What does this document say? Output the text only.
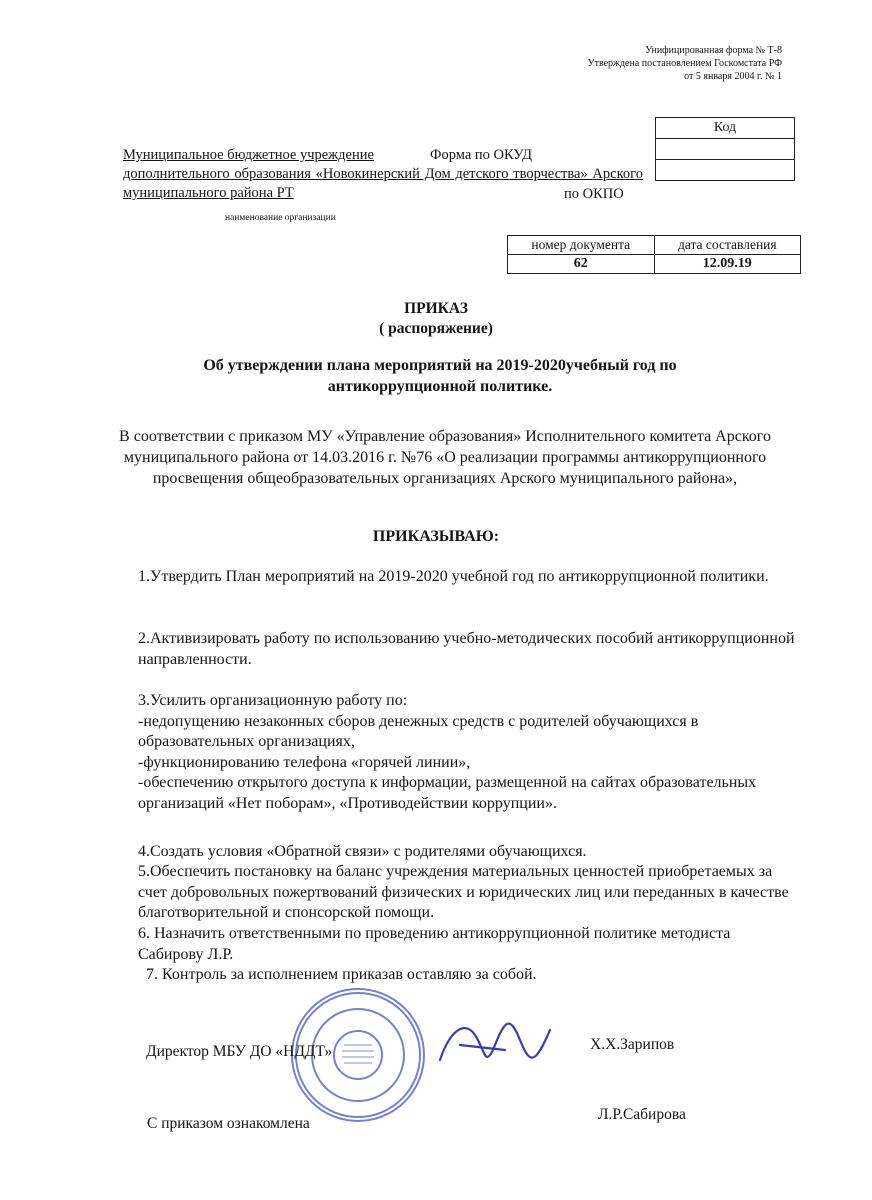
Унифицированная форма № Т-8
Утверждена постановлением Госкомстата РФ
от 5 января 2004 г. № 1
Код

Муниципальное бюджетное учреждение
дополнительного образования «Новокинерский Дом детского творчества» Арского муниципального района РТ
Форма по ОКУД
по ОКПО
наименование организации
номер документа	дата составления
62	12.09.19
ПРИКАЗ
( распоряжение)
Об утверждении плана мероприятий на 2019-2020учебный год по
антикоррупционной политике.
В соответствии с приказом МУ «Управление образования» Исполнительного комитета Арского муниципального района от 14.03.2016 г. №76 «О реализации программы антикоррупционного просвещения общеобразовательных организациях Арского муниципального района»,
ПРИКАЗЫВАЮ:
1.Утвердить План мероприятий на 2019-2020 учебной год по антикоррупционной политики.
2.Активизировать работу по использованию учебно-методических пособий антикоррупционной направленности.
3.Усилить организационную работу по:
-недопущению незаконных сборов денежных средств с родителей обучающихся в образовательных организациях,
-функционированию телефона «горячей линии»,
-обеспечению открытого доступа к информации, размещенной на сайтах образовательных организаций «Нет поборам», «Противодействии коррупции».
4.Создать условия «Обратной связи» с родителями обучающихся.
5.Обеспечить постановку на баланс учреждения материальных ценностей приобретаемых за счет добровольных пожертвований физических и юридических лиц или переданных в качестве благотворительной и спонсорской помощи.
6. Назначить ответственными по проведению антикоррупционной политике методиста Сабирову Л.Р.
7. Контроль за исполнением приказав оставляю за собой.
Директор МБУ ДО «НДДТ»	Х.Х.Зарипов
С приказом ознакомлена
Л.Р.Сабирова
